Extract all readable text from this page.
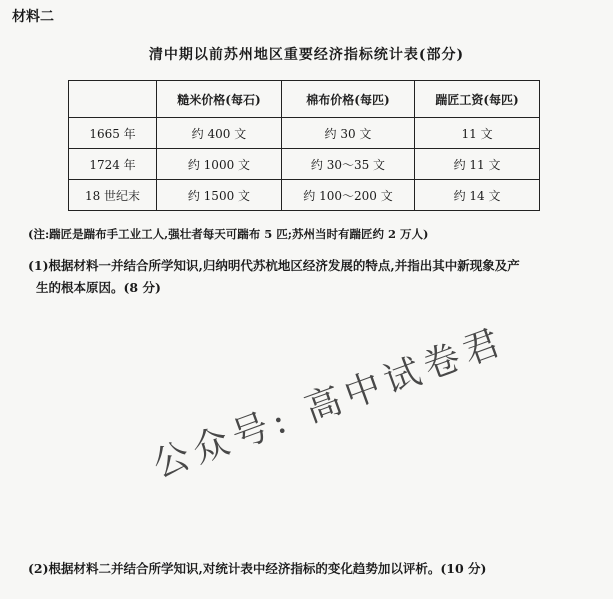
材料二
清中期以前苏州地区重要经济指标统计表(部分)
	糙米价格(每石)	棉布价格(每匹)	踹匠工资(每匹)
1665 年	约 400 文	约 30 文	11 文
1724 年	约 1000 文	约 30～35 文	约 11 文
18 世纪末	约 1500 文	约 100～200 文	约 14 文
(注:踹匠是踹布手工业工人,强壮者每天可踹布 5 匹;苏州当时有踹匠约 2 万人)
(1)根据材料一并结合所学知识,归纳明代苏杭地区经济发展的特点,并指出其中新现象及产
生的根本原因。(8 分)
公众号: 高中试卷君
(2)根据材料二并结合所学知识,对统计表中经济指标的变化趋势加以评析。(10 分)
